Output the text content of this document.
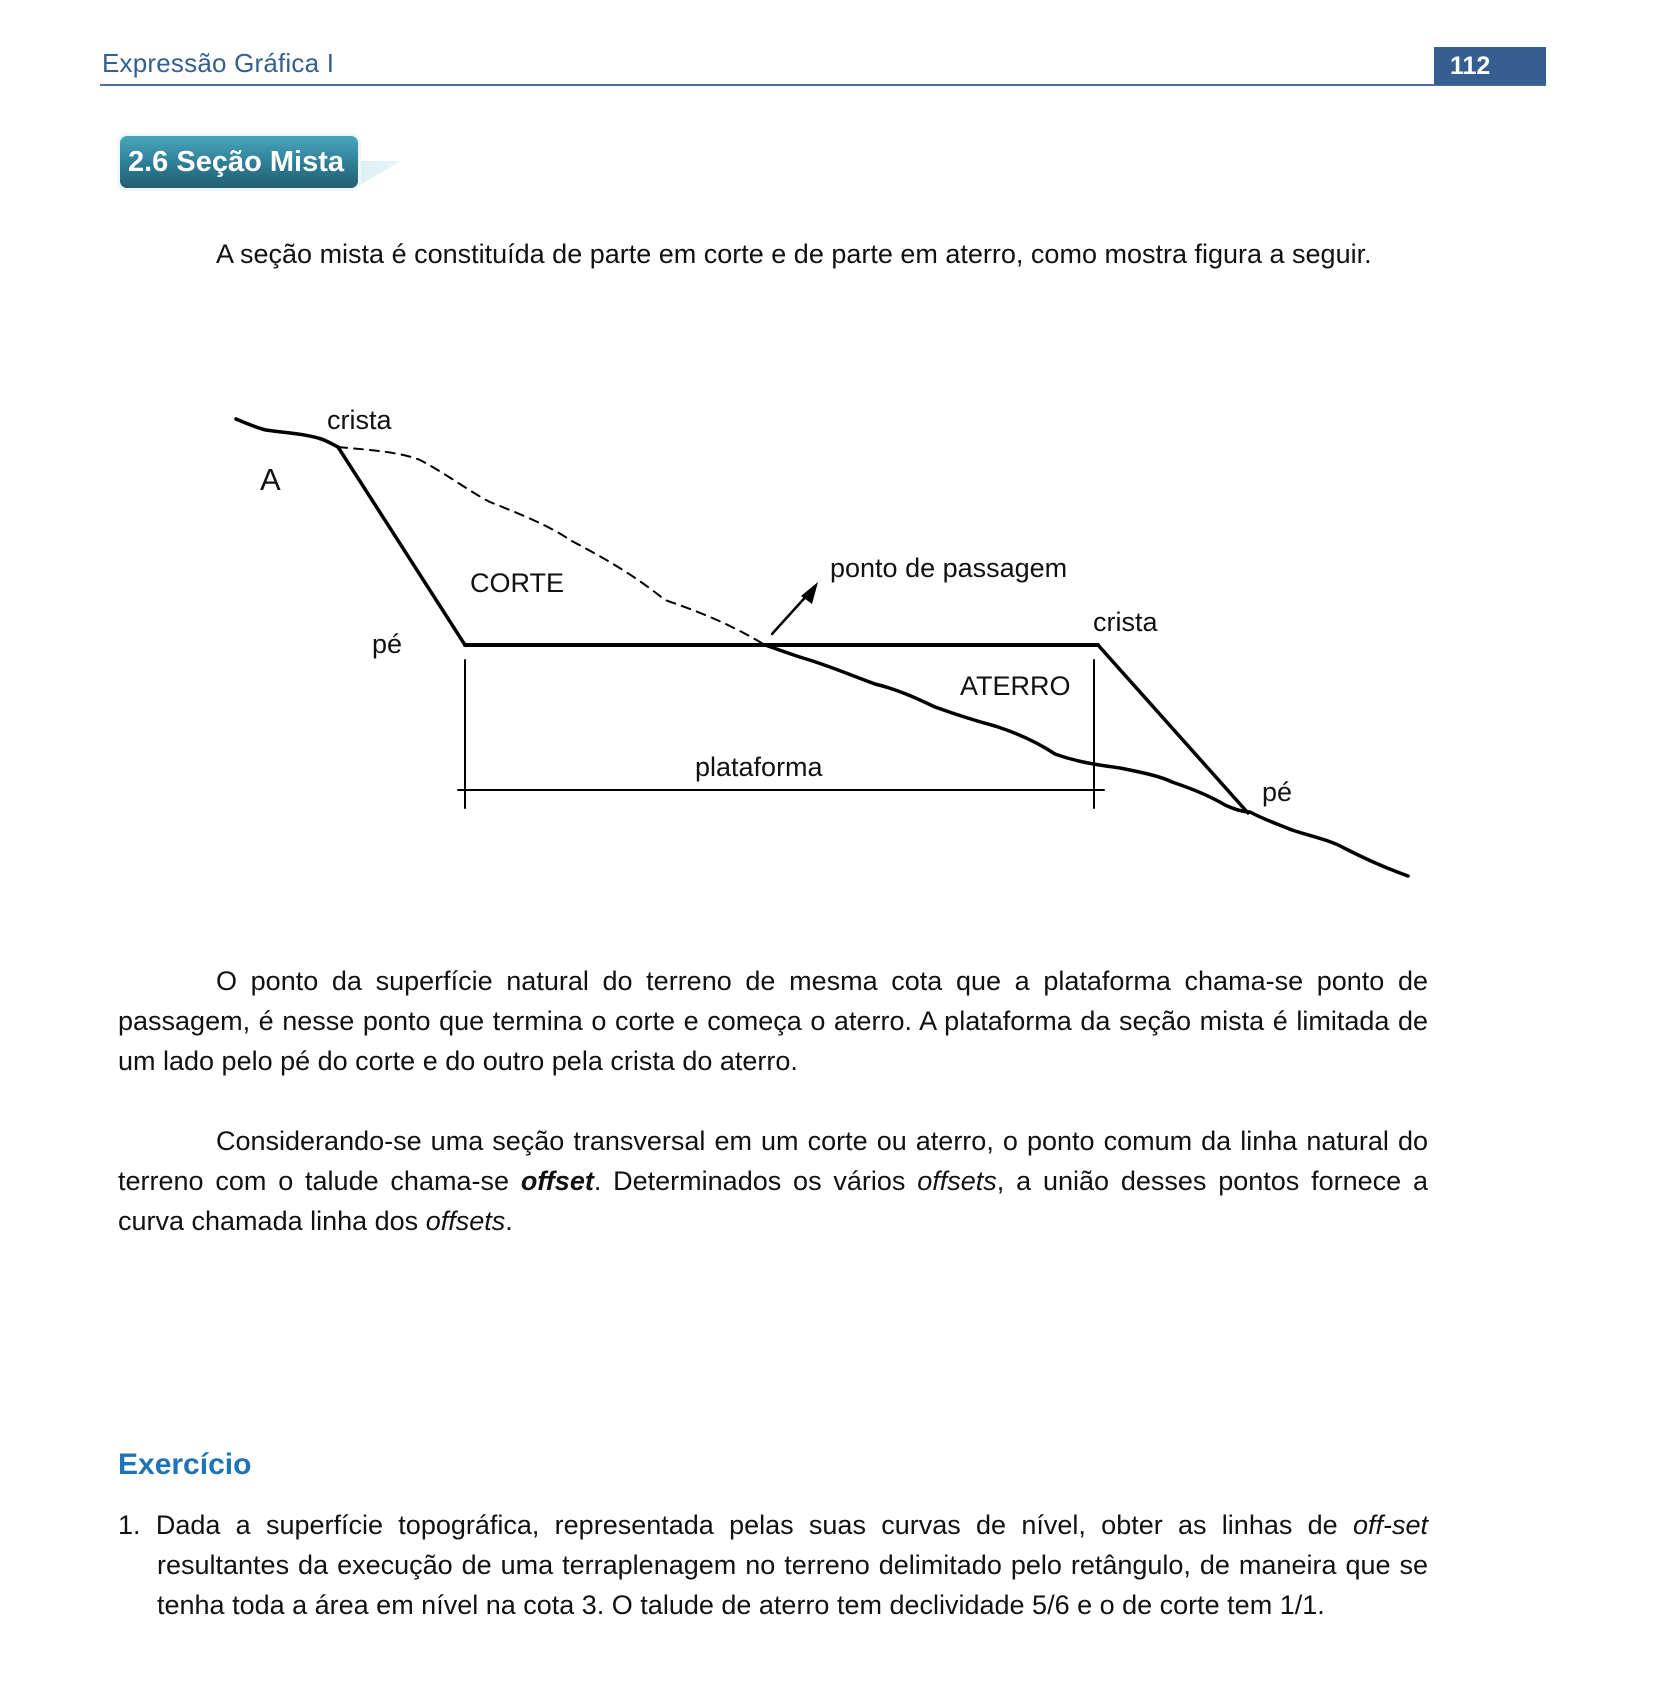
Expressão Gráfica I	112
2.6 Seção Mista
A seção mista é constituída de parte em corte e de parte em aterro, como mostra figura a seguir.
crista
A
CORTE
pé
ponto de passagem
crista
ATERRO
plataforma
pé
O ponto da superfície natural do terreno de mesma cota que a plataforma chama-se ponto de passagem, é nesse ponto que termina o corte e começa o aterro. A plataforma da seção mista é limitada de um lado pelo pé do corte e do outro pela crista do aterro.
Considerando-se uma seção transversal em um corte ou aterro, o ponto comum da linha natural do terreno com o talude chama-se offset. Determinados os vários offsets, a união desses pontos fornece a curva chamada linha dos offsets.
Exercício
1. Dada a superfície topográfica, representada pelas suas curvas de nível, obter as linhas de off-set resultantes da execução de uma terraplenagem no terreno delimitado pelo retângulo, de maneira que se tenha toda a área em nível na cota 3. O talude de aterro tem declividade 5/6 e o de corte tem 1/1.
